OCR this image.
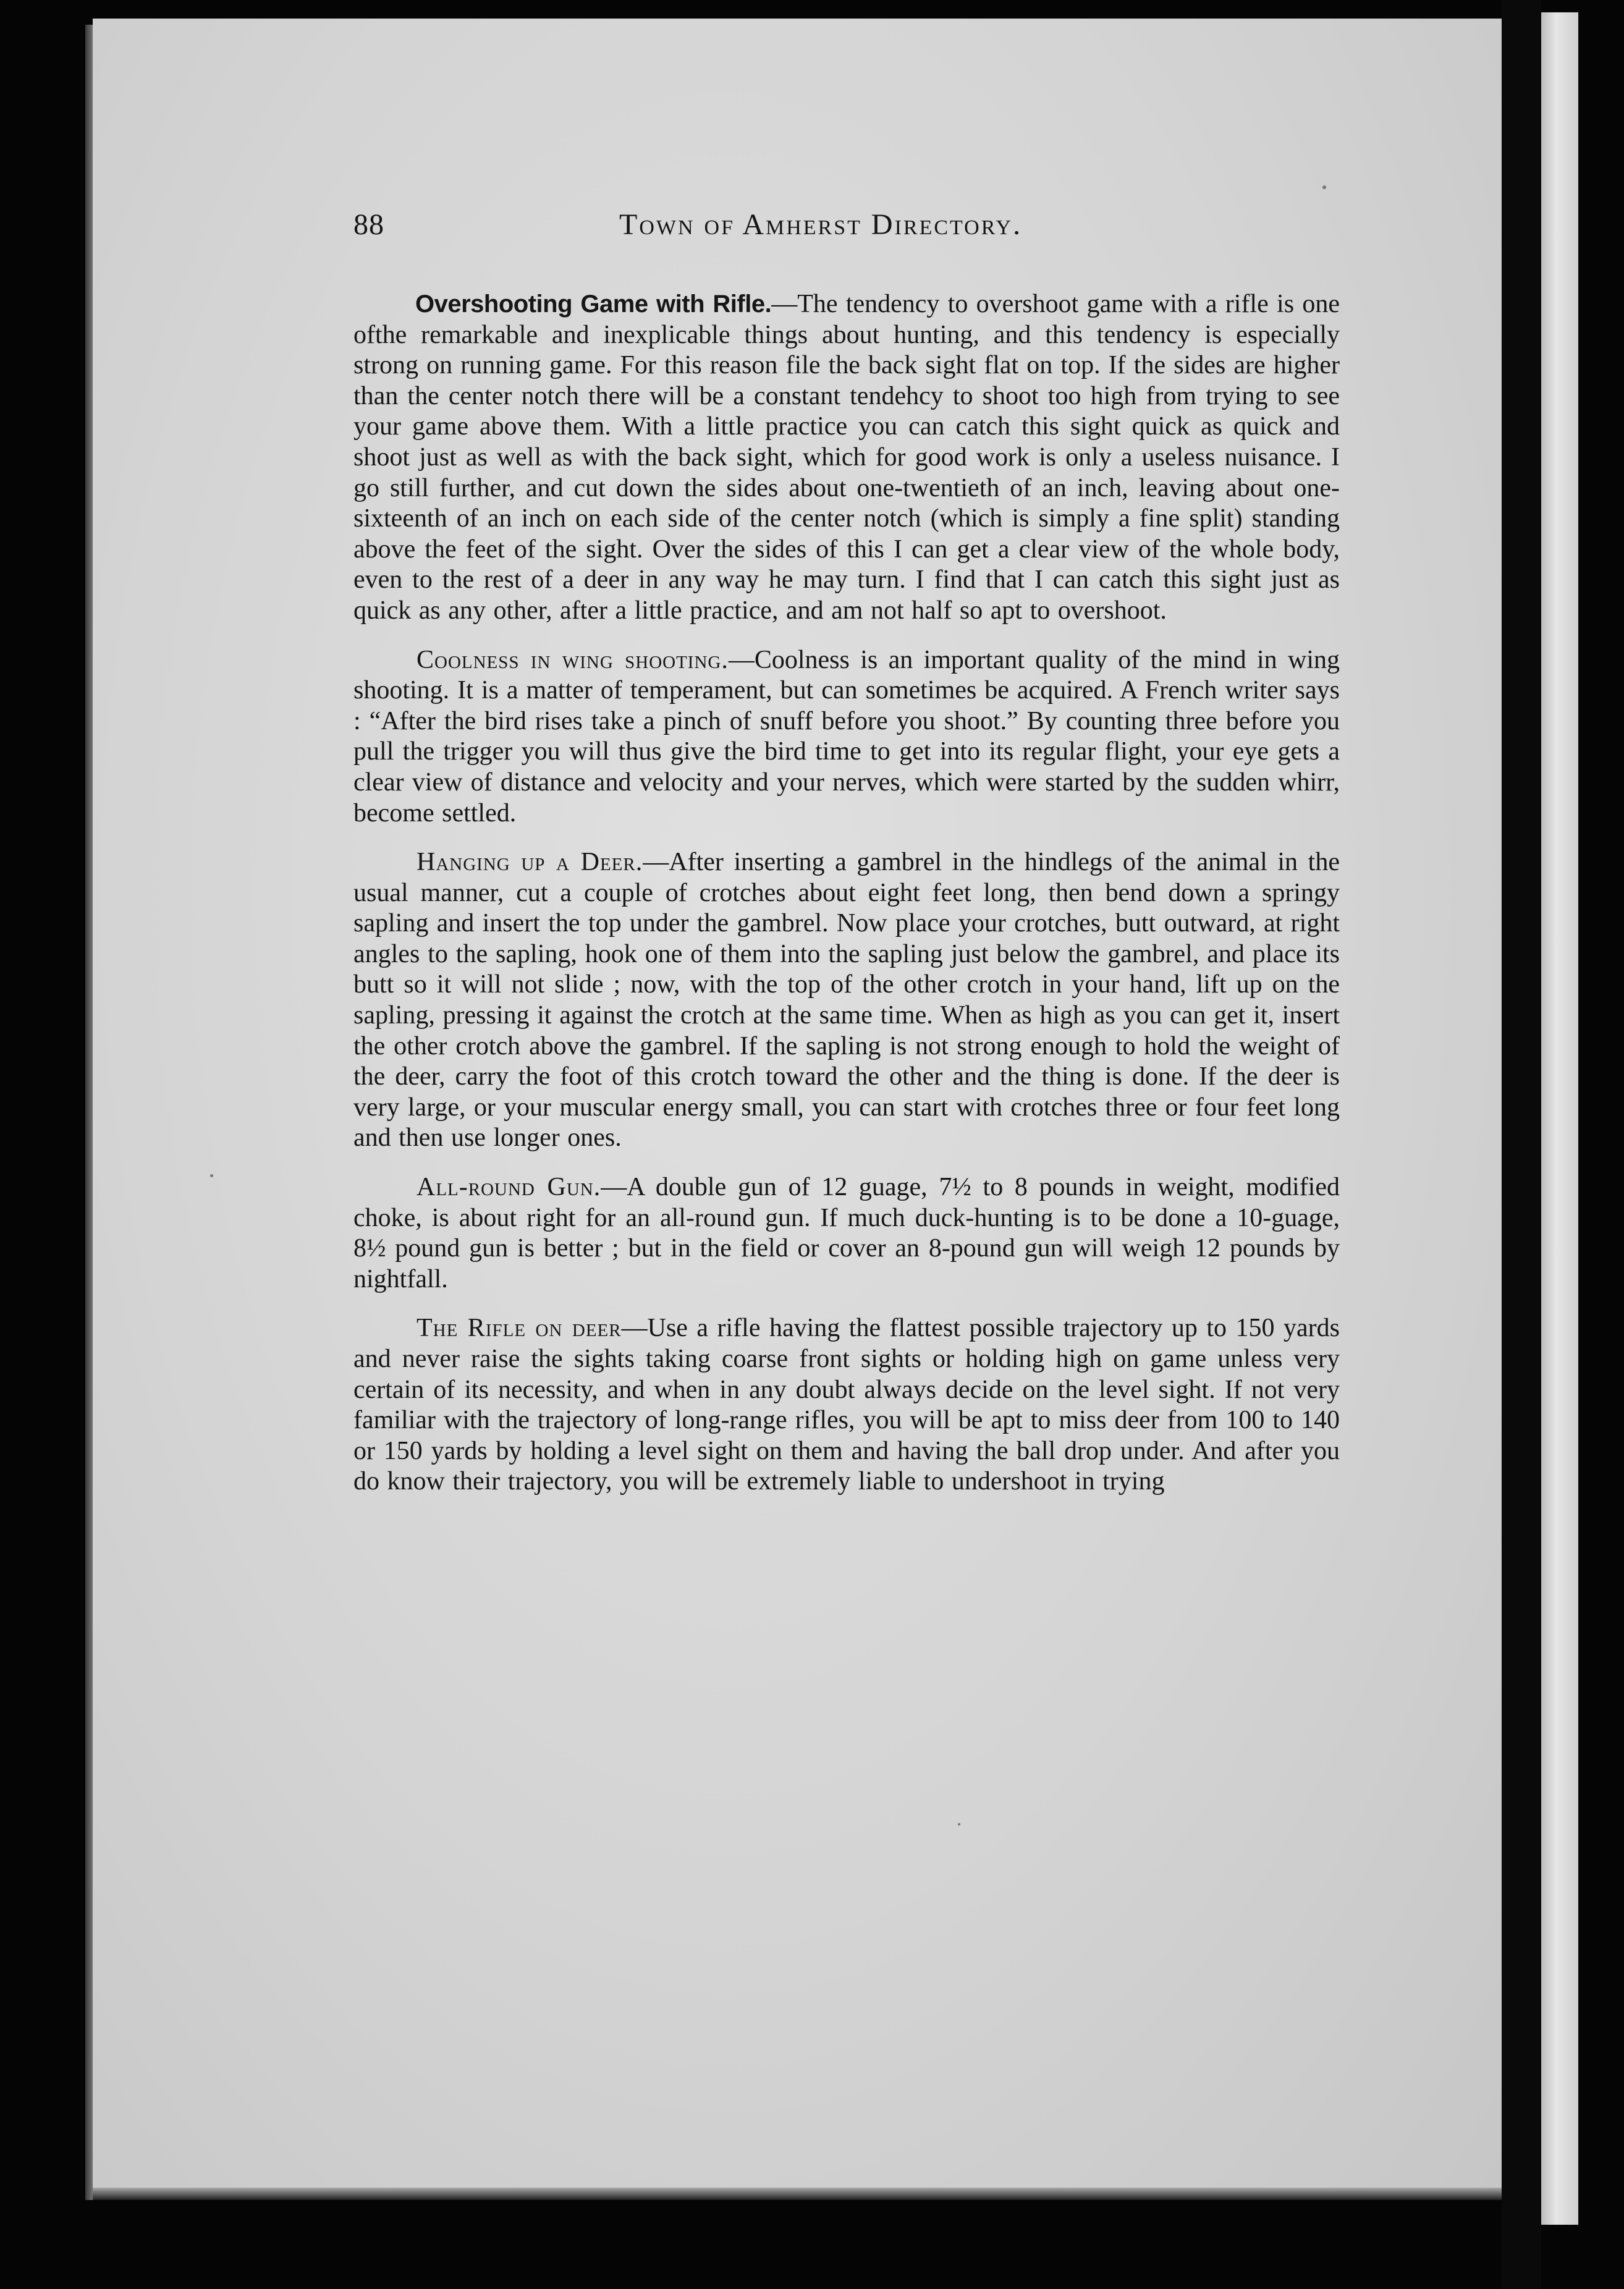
88	Town of Amherst Directory.

Overshooting Game with Rifle.—The tendency to overshoot game with a rifle is one ofthe remarkable and inexplicable things about hunting, and this tendency is especially strong on running game. For this reason file the back sight flat on top. If the sides are higher than the center notch there will be a constant tendehcy to shoot too high from trying to see your game above them. With a little practice you can catch this sight quick as quick and shoot just as well as with the back sight, which for good work is only a useless nuisance. I go still further, and cut down the sides about one-twentieth of an inch, leaving about one-sixteenth of an inch on each side of the center notch (which is simply a fine split) standing above the feet of the sight. Over the sides of this I can get a clear view of the whole body, even to the rest of a deer in any way he may turn. I find that I can catch this sight just as quick as any other, after a little practice, and am not half so apt to overshoot.

Coolness in wing shooting.—Coolness is an important quality of the mind in wing shooting. It is a matter of temperament, but can sometimes be acquired. A French writer says : “After the bird rises take a pinch of snuff before you shoot.” By counting three before you pull the trigger you will thus give the bird time to get into its regular flight, your eye gets a clear view of distance and velocity and your nerves, which were started by the sudden whirr, become settled.

Hanging up a Deer.—After inserting a gambrel in the hindlegs of the animal in the usual manner, cut a couple of crotches about eight feet long, then bend down a springy sapling and insert the top under the gambrel. Now place your crotches, butt outward, at right angles to the sapling, hook one of them into the sapling just below the gambrel, and place its butt so it will not slide ; now, with the top of the other crotch in your hand, lift up on the sapling, pressing it against the crotch at the same time. When as high as you can get it, insert the other crotch above the gambrel. If the sapling is not strong enough to hold the weight of the deer, carry the foot of this crotch toward the other and the thing is done. If the deer is very large, or your muscular energy small, you can start with crotches three or four feet long and then use longer ones.

All-round Gun.—A double gun of 12 guage, 7½ to 8 pounds in weight, modified choke, is about right for an all-round gun. If much duck-hunting is to be done a 10-guage, 8½ pound gun is better ; but in the field or cover an 8-pound gun will weigh 12 pounds by nightfall.

The Rifle on deer—Use a rifle having the flattest possible trajectory up to 150 yards and never raise the sights taking coarse front sights or holding high on game unless very certain of its necessity, and when in any doubt always decide on the level sight. If not very familiar with the trajectory of long-range rifles, you will be apt to miss deer from 100 to 140 or 150 yards by holding a level sight on them and having the ball drop under. And after you do know their trajectory, you will be extremely liable to undershoot in trying
